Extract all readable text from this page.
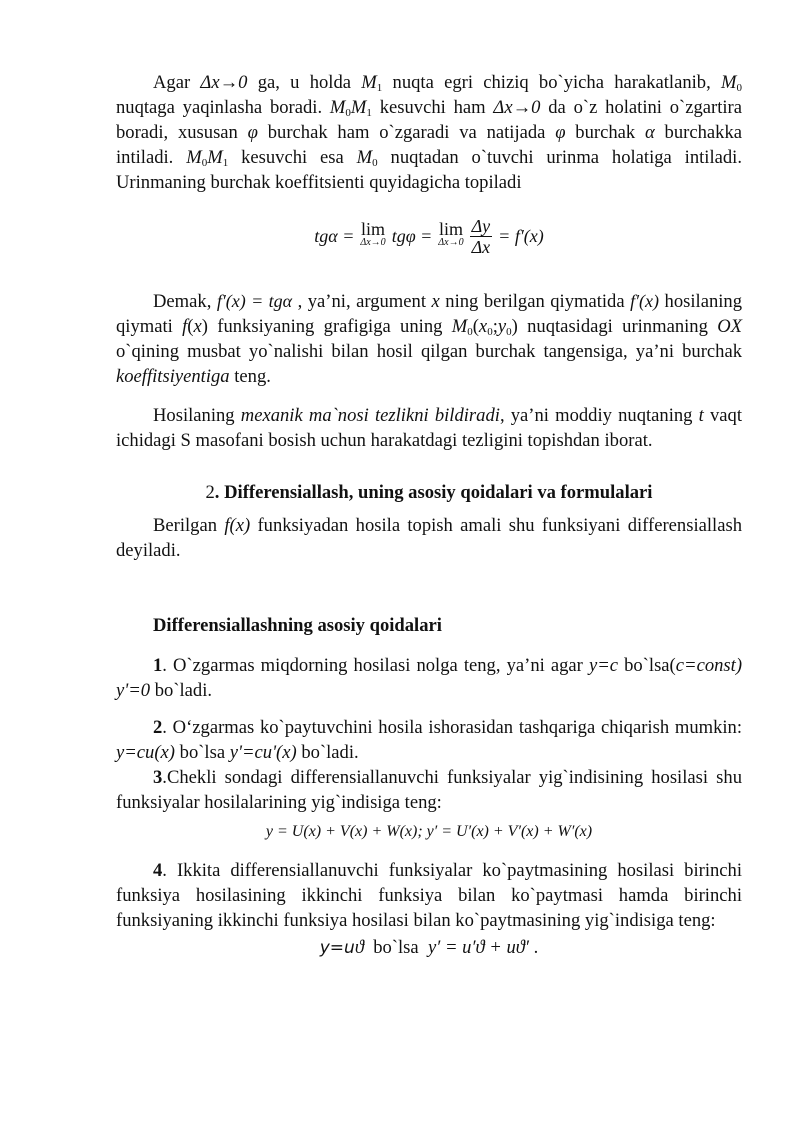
Agar Δx→0 ga, u holda $M_1$ nuqta egri chiziq bo`yicha harakatlanib, $M_0$ nuqtaga yaqinlasha boradi. $M_0M_1$ kesuvchi ham Δx→0 da o`z holatini o`zgartira boradi, xususan φ burchak ham o`zgaradi va natijada φ burchak α burchakka intiladi. $M_0M_1$ kesuvchi esa $M_0$ nuqtadan o`tuvchi urinma holatiga intiladi. Urinmaning burchak koeffitsienti quyidagicha topiladi

tgα = lim
Δx→0 tgφ = lim
$\Delta x\to 0 \frac{\Delta y}{\Delta x} = f'(x)$

Demak, f′(x) = tgα , ya’ni, argument x ning berilgan qiymatida f′(x) hosilaning qiymati f(x) funksiyaning grafigiga uning $M_0(x_0;y_0)$ nuqtasidagi urinmaning OX o`qining musbat yo`nalishi bilan hosil qilgan burchak tangensiga, ya’ni burchak koeffitsiyentiga teng.

Hosilaning mexanik ma`nosi tezlikni bildiradi, ya’ni moddiy nuqtaning t vaqt ichidagi S masofani bosish uchun harakatdagi tezligini topishdan iborat.

2. Differensiallash, uning asosiy qoidalari va formulalari

Berilgan f(x) funksiyadan hosila topish amali shu funksiyani differensiallash deyiladi.

Differensiallashning asosiy qoidalari

1. O`zgarmas miqdorning hosilasi nolga teng, ya’ni agar y=c bo`lsa(c=const) y'=0 bo`ladi.

2. O‘zgarmas ko`paytuvchini hosila ishorasidan tashqariga chiqarish mumkin: y=cu(x) bo`lsa y'=cu'(x) bo`ladi.

3.Chekli sondagi differensiallanuvchi funksiyalar yig`indisining hosilasi shu funksiyalar hosilalarining yig`indisiga teng:

y = U(x) + V(x) + W(x); y′ = U′(x) + V′(x) + W′(x)

4. Ikkita differensiallanuvchi funksiyalar ko`paytmasining hosilasi birinchi funksiya hosilasining ikkinchi funksiya bilan ko`paytmasi hamda birinchi funksiyaning ikkinchi funksiya hosilasi bilan ko`paytmasining yig`indisiga teng:

y=uϑ  bo`lsa  y′ = u′ϑ + uϑ′ .
